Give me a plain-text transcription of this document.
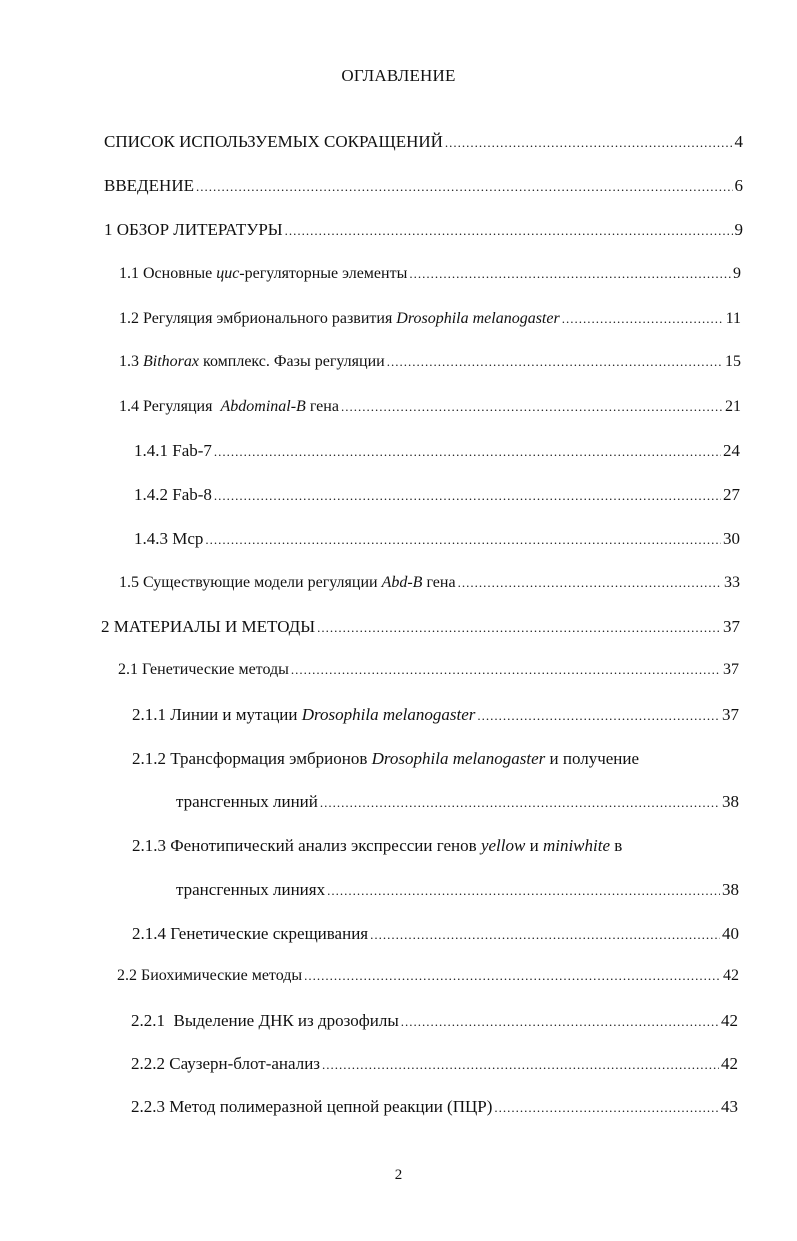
ОГЛАВЛЕНИЕ
СПИСОК ИСПОЛЬЗУЕМЫХ СОКРАЩЕНИЙ .....	4
ВВЕДЕНИЕ .....	6
1 ОБЗОР ЛИТЕРАТУРЫ .....	9
1.1 Основные цис-регуляторные элементы .....	9
1.2 Регуляция эмбрионального развития Drosophila melanogaster .....	11
1.3 Bithorax комплекс. Фазы регуляции .....	15
1.4 Регуляция  Abdominal-B гена .....	21
1.4.1 Fab-7 .....	24
1.4.2 Fab-8 .....	27
1.4.3 Mcp .....	30
1.5 Существующие модели регуляции Abd-B гена .....	33
2 МАТЕРИАЛЫ И МЕТОДЫ .....	37
2.1 Генетические методы .....	37
2.1.1 Линии и мутации Drosophila melanogaster .....	37
2.1.2 Трансформация эмбрионов Drosophila melanogaster и получение
трансгенных линий .....	38
2.1.3 Фенотипический анализ экспрессии генов yellow и miniwhite в
трансгенных линиях .....	38
2.1.4 Генетические скрещивания .....	40
2.2 Биохимические методы .....	42
2.2.1  Выделение ДНК из дрозофилы .....	42
2.2.2 Саузерн-блот-анализ .....	42
2.2.3 Метод полимеразной цепной реакции (ПЦР) .....	43
2
